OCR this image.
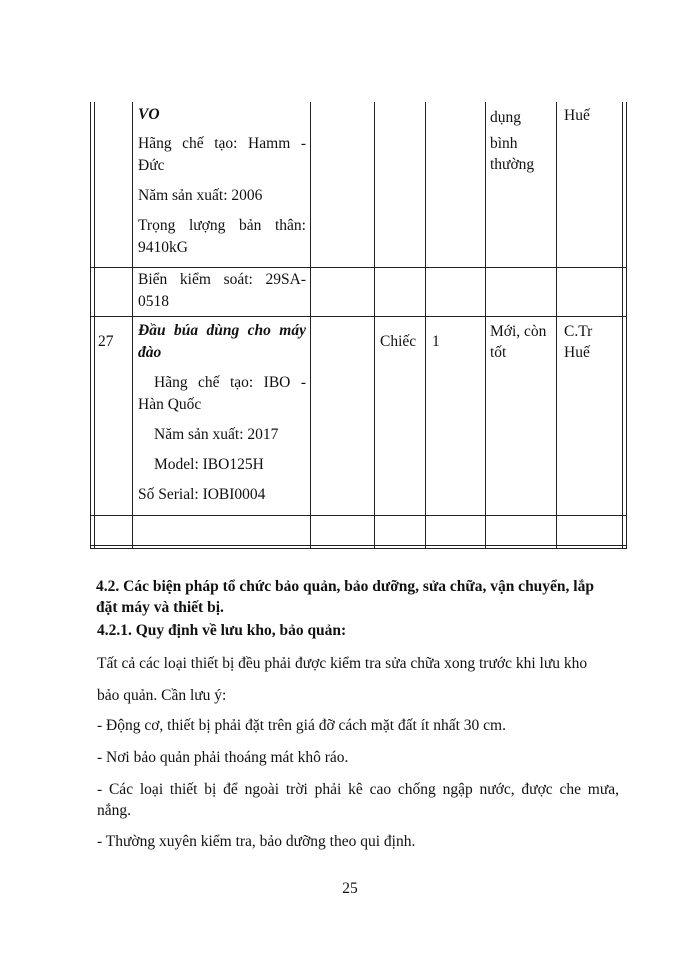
VO
Hãng chế tạo: Hamm -
Đức
Năm sản xuất: 2006
Trọng lượng bản thân:
9410kG
dụng
bình
thường
Huế
Biển kiểm soát: 29SA-
0518
27
Đầu búa dùng cho máy
đào
Hãng chế tạo: IBO -
Hàn Quốc
Năm sản xuất: 2017
Model: IBO125H
Số Serial: IOBI0004
Chiếc 1
Mới, còn
tốt
C.Tr
Huế
4.2. Các biện pháp tổ chức bảo quản, bảo dưỡng, sửa chữa, vận chuyển, lắp
đặt máy và thiết bị.
4.2.1. Quy định về lưu kho, bảo quản:
Tất cả các loại thiết bị đều phải được kiểm tra sửa chữa xong trước khi lưu kho
bảo quản. Cần lưu ý:
- Động cơ, thiết bị phải đặt trên giá đỡ cách mặt đất ít nhất 30 cm.
- Nơi bảo quản phải thoáng mát khô ráo.
- Các loại thiết bị để ngoài trời phải kê cao chống ngập nước, được che mưa,
nắng.
- Thường xuyên kiểm tra, bảo dưỡng theo qui định.
25
